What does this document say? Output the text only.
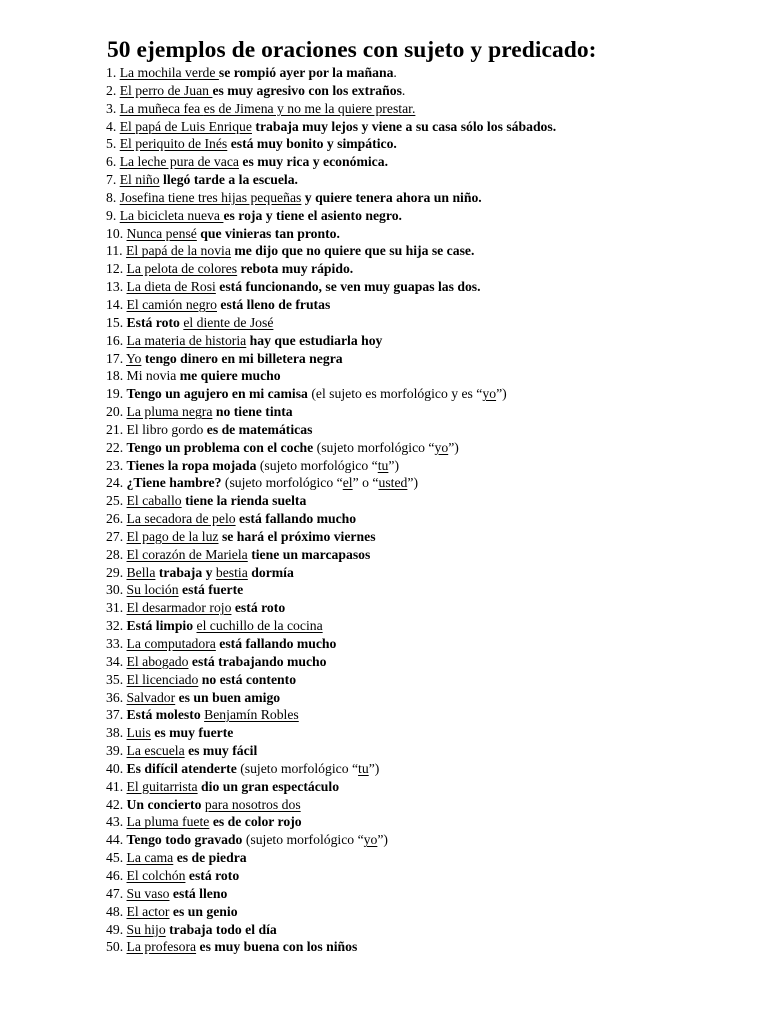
50 ejemplos de oraciones con sujeto y predicado:
1. La mochila verde se rompió ayer por la mañana.
2. El perro de Juan es muy agresivo con los extraños.
3. La muñeca fea es de Jimena y no me la quiere prestar.
4. El papá de Luis Enrique trabaja muy lejos y viene a su casa sólo los sábados.
5. El periquito de Inés está muy bonito y simpático.
6. La leche pura de vaca es muy rica y económica.
7. El niño llegó tarde a la escuela.
8. Josefina tiene tres hijas pequeñas y quiere tenera ahora un niño.
9. La bicicleta nueva es roja y tiene el asiento negro.
10. Nunca pensé que vinieras tan pronto.
11. El papá de la novia me dijo que no quiere que su hija se case.
12. La pelota de colores rebota muy rápido.
13. La dieta de Rosi está funcionando, se ven muy guapas las dos.
14. El camión negro está lleno de frutas
15. Está roto el diente de José
16. La materia de historia hay que estudiarla hoy
17. Yo tengo dinero en mi billetera negra
18. Mi novia me quiere mucho
19. Tengo un agujero en mi camisa (el sujeto es morfológico y es “yo”)
20. La pluma negra no tiene tinta
21. El libro gordo es de matemáticas
22. Tengo un problema con el coche (sujeto morfológico “yo”)
23. Tienes la ropa mojada (sujeto morfológico “tu”)
24. ¿Tiene hambre? (sujeto morfológico “el” o “usted”)
25. El caballo tiene la rienda suelta
26. La secadora de pelo está fallando mucho
27. El pago de la luz se hará el próximo viernes
28. El corazón de Mariela tiene un marcapasos
29. Bella trabaja y bestia dormía
30. Su loción está fuerte
31. El desarmador rojo está roto
32. Está limpio el cuchillo de la cocina
33. La computadora está fallando mucho
34. El abogado está trabajando mucho
35. El licenciado no está contento
36. Salvador es un buen amigo
37. Está molesto Benjamín Robles
38. Luis es muy fuerte
39. La escuela es muy fácil
40. Es difícil atenderte (sujeto morfológico “tu”)
41. El guitarrista dio un gran espectáculo
42. Un concierto para nosotros dos
43. La pluma fuete es de color rojo
44. Tengo todo gravado (sujeto morfológico “yo”)
45. La cama es de piedra
46. El colchón está roto
47. Su vaso está lleno
48. El actor es un genio
49. Su hijo trabaja todo el día
50. La profesora es muy buena con los niños
